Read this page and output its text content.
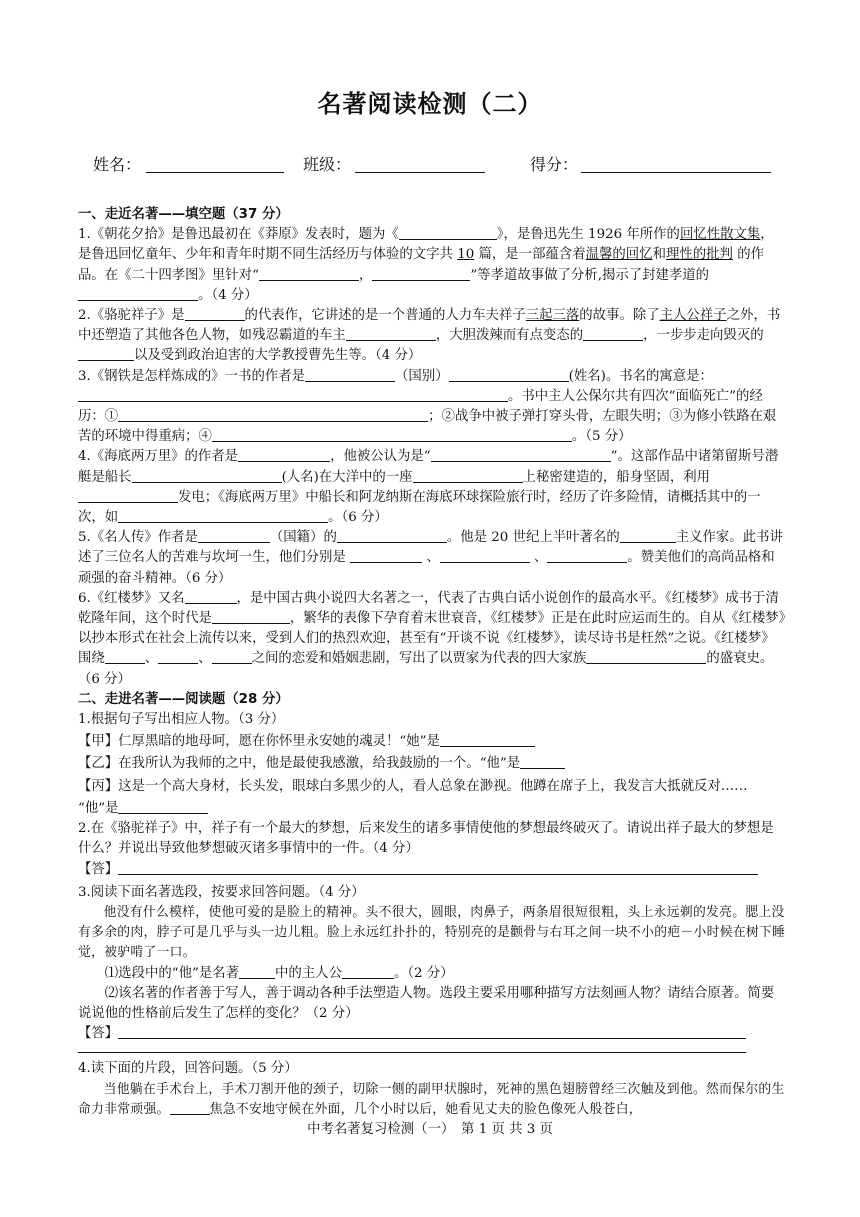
名著阅读检测（二）
姓名：	班级：	得分：

一、走近名著——填空题（37 分）

1.《朝花夕拾》是鲁迅最初在《莽原》发表时，题为《	》，是鲁迅先生 1926 年所作的回忆性散文集，是鲁迅回忆童年、少年和青年时期不同生活经历与体验的文字共 10 篇，是一部蕴含着温馨的回忆和理性的批判 的作品。在《二十四孝图》里针对“	，	”等孝道故事做了分析,揭示了封建孝道的。（4 分）

2.《骆驼祥子》是	的代表作，它讲述的是一个普通的人力车夫祥子三起三落的故事。除了主人公祥子之外，书中还塑造了其他各色人物，如残忍霸道的车主	，大胆泼辣而有点变态的	，一步步走向毁灭的以及受到政治迫害的大学教授曹先生等。（4 分）

3.《钢铁是怎样炼成的》一书的作者是	（国别）	(姓名)。书名的寓意是：。书中主人公保尔共有四次“面临死亡”的经历：①	；②战争中被子弹打穿头骨，左眼失明；③为修小铁路在艰苦的环境中得重病；④	。（5 分）

4.《海底两万里》的作者是	，他被公认为是“	”。这部作品中诸第留斯号潜艇是船长	(人名)在大洋中的一座	上秘密建造的，船身坚固，利用发电；《海底两万里》中船长和阿龙纳斯在海底环球探险旅行时，经历了许多险情，请概括其中的一次，如	。（6 分）

5.《名人传》作者是	（国籍）的	。他是 20 世纪上半叶著名的	主义作家。此书讲述了三位名人的苦难与坎坷一生，他们分别是	、	、	。赞美他们的高尚品格和顽强的奋斗精神。（6 分）

6.《红楼梦》又名	，是中国古典小说四大名著之一，代表了古典白话小说创作的最高水平。《红楼梦》成书于清乾隆年间，这个时代是	，繁华的表像下孕育着末世衰音，《红楼梦》正是在此时应运而生的。自从《红楼梦》以抄本形式在社会上流传以来，受到人们的热烈欢迎，甚至有“开谈不说《红楼梦》，读尽诗书是枉然”之说。《红楼梦》围绕	、	、	之间的恋爱和婚姻悲剧，写出了以贾家为代表的四大家族	的盛衰史。（6 分）

二、走进名著——阅读题（28 分）

1.根据句子写出相应人物。（3 分）

【甲】仁厚黑暗的地母呵，愿在你怀里永安她的魂灵！“她”是

【乙】在我所认为我师的之中，他是最使我感激，给我鼓励的一个。“他”是

【丙】这是一个高大身材，长头发，眼球白多黑少的人，看人总象在渺视。他蹲在席子上，我发言大抵就反对……

“他”是

2.在《骆驼祥子》中，祥子有一个最大的梦想，后来发生的诸多事情使他的梦想最终破灭了。请说出祥子最大的梦想是什么？并说出导致他梦想破灭诸多事情中的一件。（4 分）

【答】

3.阅读下面名著选段，按要求回答问题。（4 分）

他没有什么模样，使他可爱的是脸上的精神。头不很大，圆眼，肉鼻子，两条眉很短很粗，头上永远剃的发亮。腮上没有多余的肉，脖子可是几乎与头一边儿粗。脸上永远红扑扑的，特别亮的是颧骨与右耳之间一块不小的疤－小时候在树下睡觉，被驴啃了一口。

⑴选段中的“他”是名著	中的主人公	。（2 分）

⑵该名著的作者善于写人，善于调动各种手法塑造人物。选段主要采用哪种描写方法刻画人物？请结合原著。简要说说他的性格前后发生了怎样的变化？（2 分）

【答】

4.读下面的片段，回答问题。（5 分）

当他躺在手术台上，手术刀割开他的颈子，切除一侧的副甲状腺时，死神的黑色翅膀曾经三次触及到他。然而保尔的生命力非常顽强。	焦急不安地守候在外面，几个小时以后，她看见丈夫的脸色像死人般苍白，

中考名著复习检测（一）　第 1 页 共 3 页
